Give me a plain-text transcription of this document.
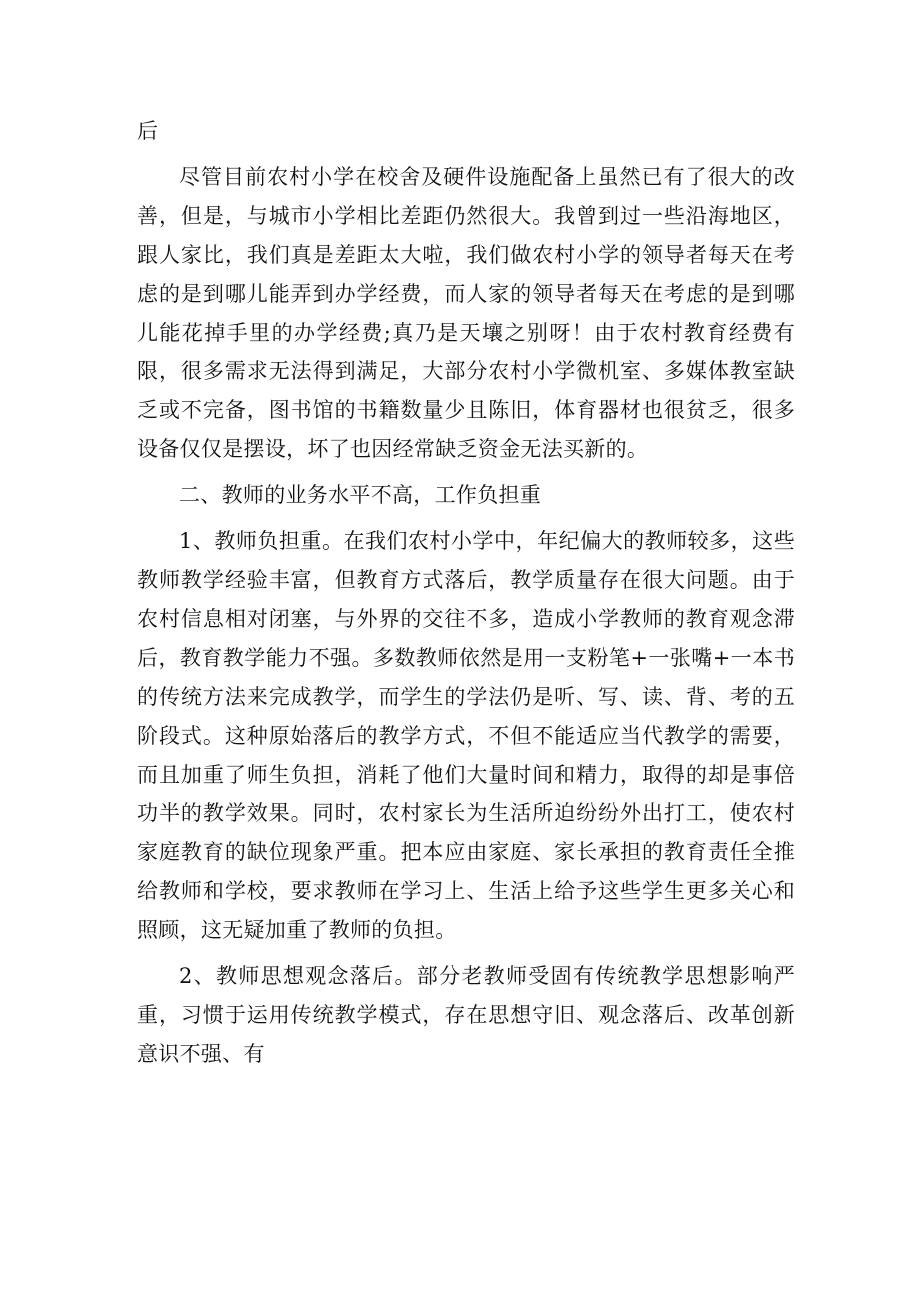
后

尽管目前农村小学在校舍及硬件设施配备上虽然已有了很大的改善，但是，与城市小学相比差距仍然很大。我曾到过一些沿海地区，跟人家比，我们真是差距太大啦，我们做农村小学的领导者每天在考虑的是到哪儿能弄到办学经费，而人家的领导者每天在考虑的是到哪儿能花掉手里的办学经费;真乃是天壤之别呀！由于农村教育经费有限，很多需求无法得到满足，大部分农村小学微机室、多媒体教室缺乏或不完备，图书馆的书籍数量少且陈旧，体育器材也很贫乏，很多设备仅仅是摆设，坏了也因经常缺乏资金无法买新的。

二、教师的业务水平不高，工作负担重

1、教师负担重。在我们农村小学中，年纪偏大的教师较多，这些教师教学经验丰富，但教育方式落后，教学质量存在很大问题。由于农村信息相对闭塞，与外界的交往不多，造成小学教师的教育观念滞后，教育教学能力不强。多数教师依然是用一支粉笔+一张嘴+一本书的传统方法来完成教学，而学生的学法仍是听、写、读、背、考的五阶段式。这种原始落后的教学方式，不但不能适应当代教学的需要，而且加重了师生负担，消耗了他们大量时间和精力，取得的却是事倍功半的教学效果。同时，农村家长为生活所迫纷纷外出打工，使农村家庭教育的缺位现象严重。把本应由家庭、家长承担的教育责任全推给教师和学校，要求教师在学习上、生活上给予这些学生更多关心和照顾，这无疑加重了教师的负担。

2、教师思想观念落后。部分老教师受固有传统教学思想影响严重，习惯于运用传统教学模式，存在思想守旧、观念落后、改革创新意识不强、有
